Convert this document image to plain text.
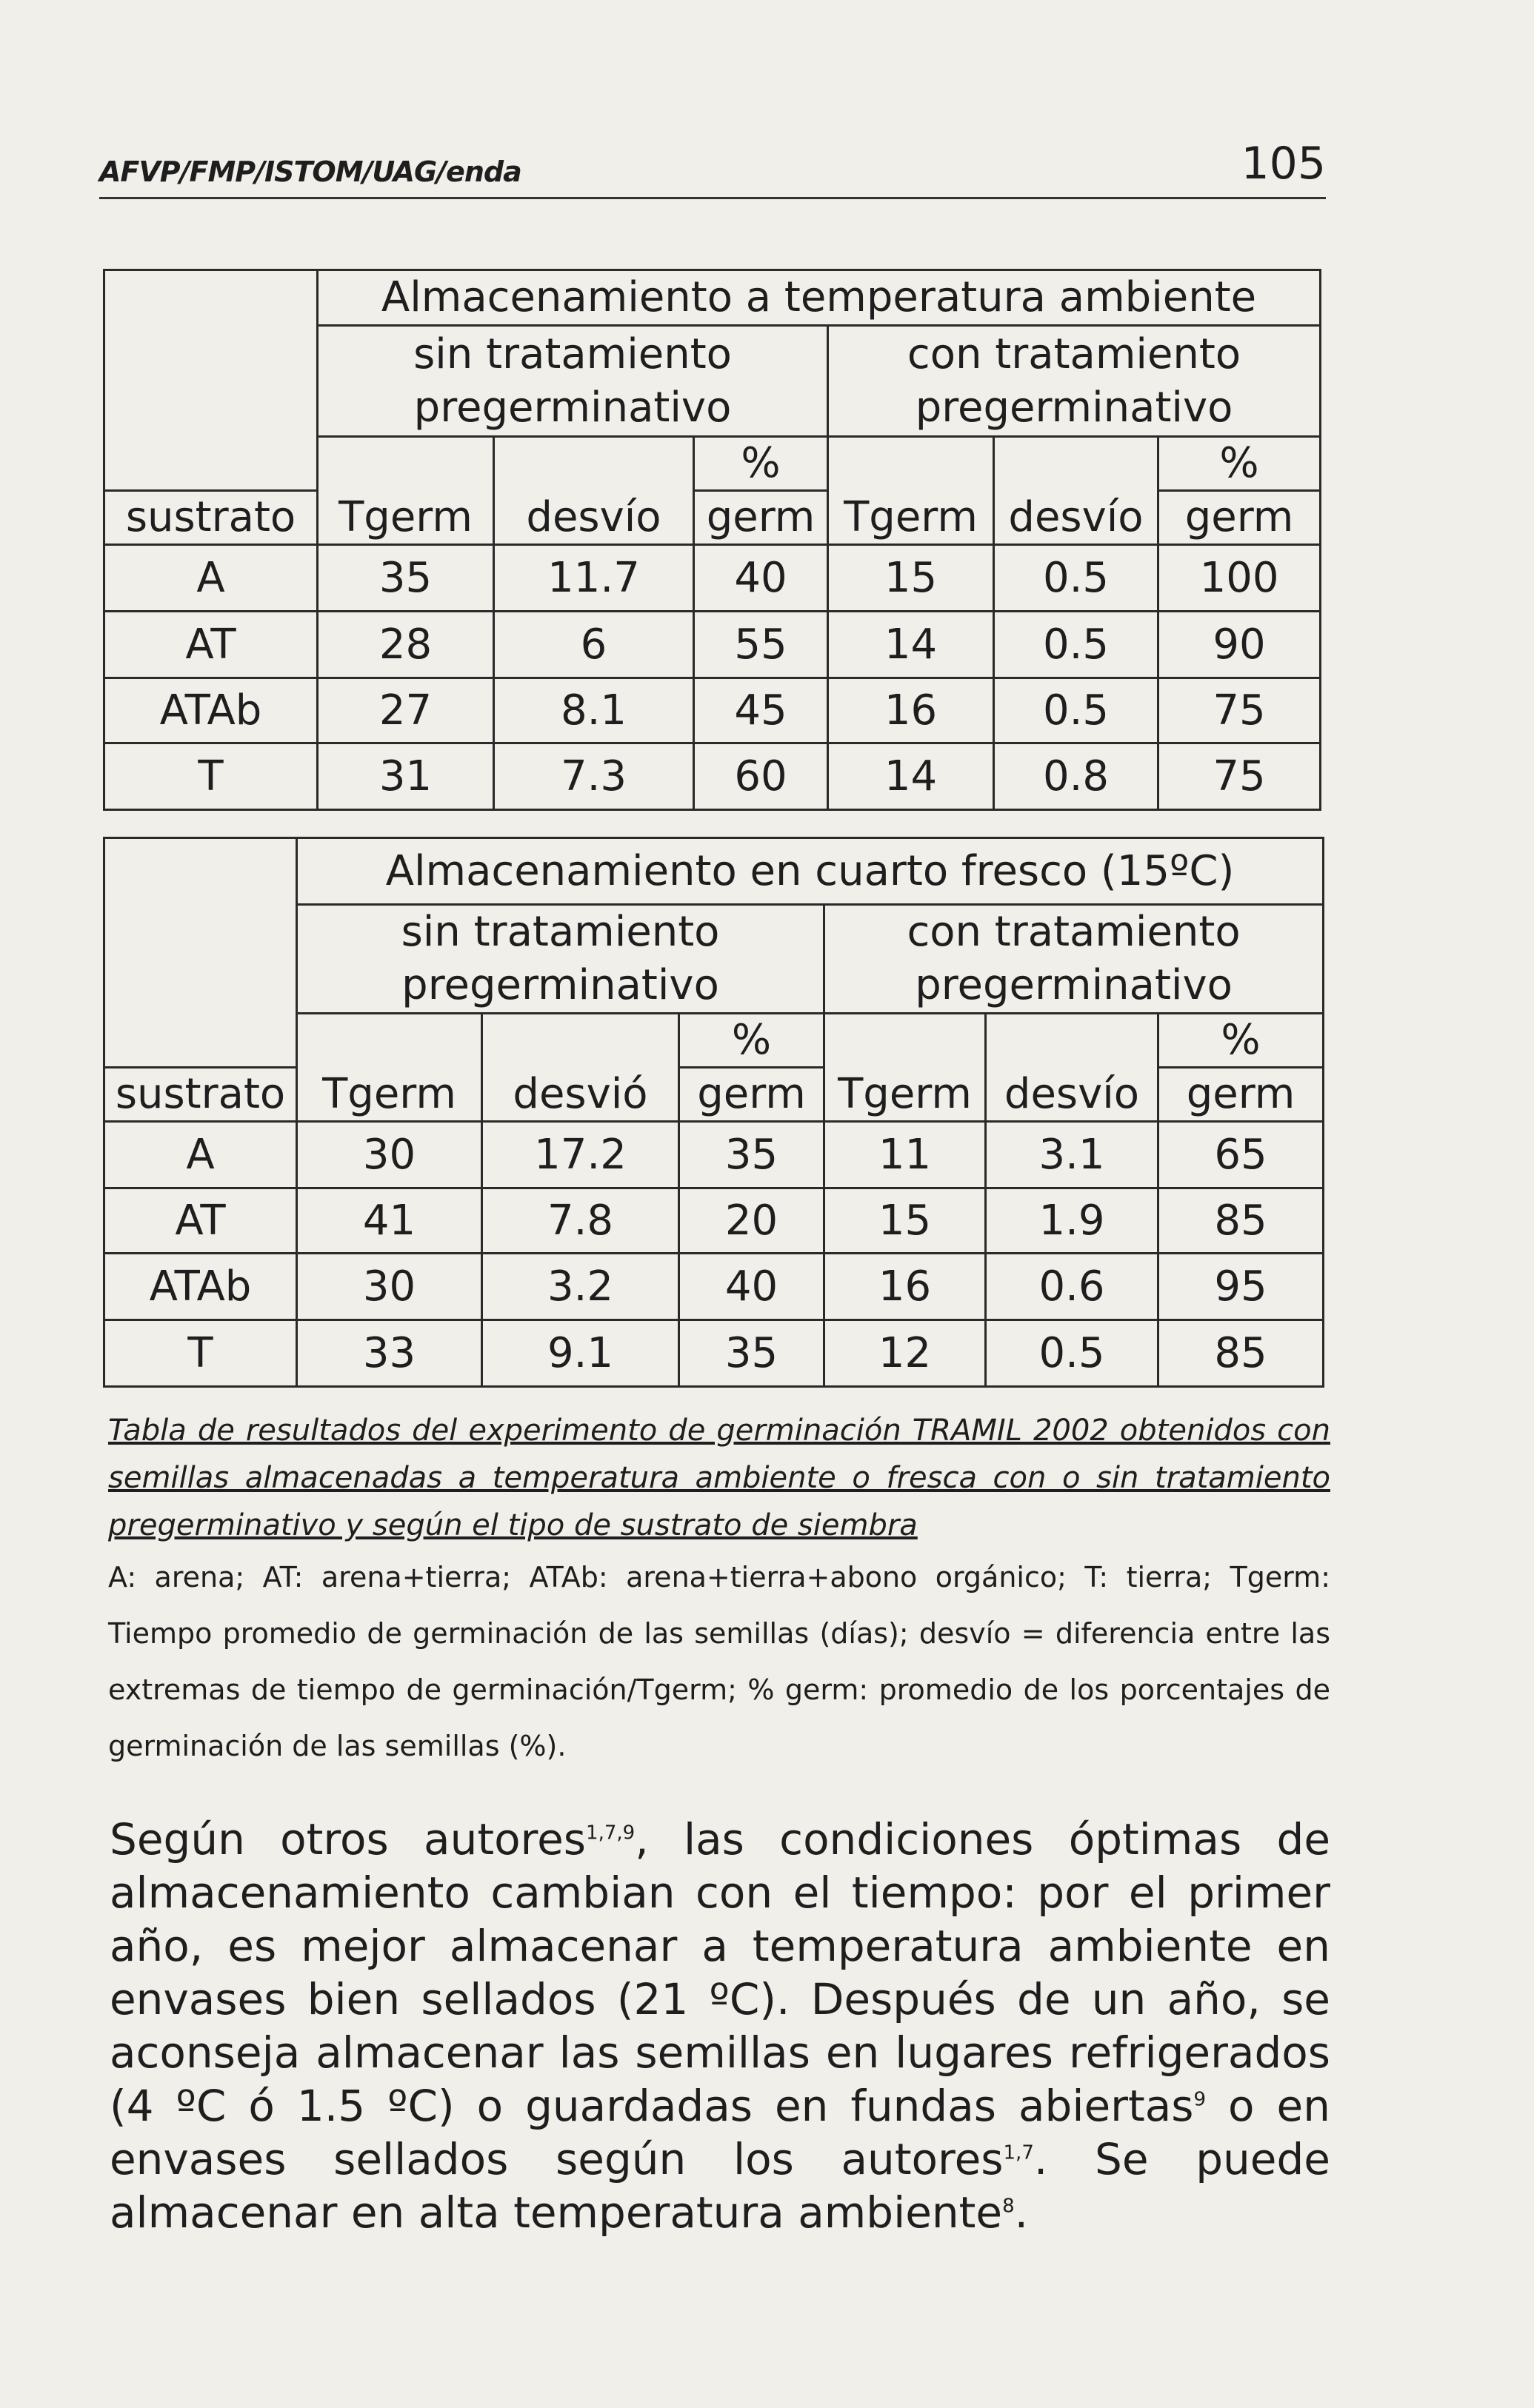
AFVP/FMP/ISTOM/UAG/enda	105
	Almacenamiento a temperatura ambiente					
	sin tratamiento pregerminativo			con tratamiento pregerminativo		
	Tgerm	desvío	%	Tgerm	desvío	%
sustrato			germ			germ
A	35	11.7	40	15	0.5	100
AT	28	6	55	14	0.5	90
ATAb	27	8.1	45	16	0.5	75
T	31	7.3	60	14	0.8	75
	Almacenamiento en cuarto fresco (15ºC)					
	sin tratamiento pregerminativo			con tratamiento pregerminativo		
	Tgerm	desvió	%	Tgerm	desvío	%
sustrato			germ			germ
A	30	17.2	35	11	3.1	65
AT	41	7.8	20	15	1.9	85
ATAb	30	3.2	40	16	0.6	95
T	33	9.1	35	12	0.5	85
Tabla de resultados del experimento de germinación TRAMIL 2002 obtenidos con semillas almacenadas a temperatura ambiente o fresca con o sin tratamiento pregerminativo y según el tipo de sustrato de siembra
A: arena; AT: arena+tierra; ATAb: arena+tierra+abono orgánico; T: tierra; Tgerm: Tiempo promedio de germinación de las semillas (días); desvío = diferencia entre las extremas de tiempo de germinación/Tgerm; % germ: promedio de los porcentajes de germinación de las semillas (%).
Según otros autores$^{1,7,9}$, las condiciones óptimas de almacenamiento cambian con el tiempo: por el primer año, es mejor almacenar a temperatura ambiente en envases bien sellados (21 ºC). Después de un año, se aconseja almacenar las semillas en lugares refrigerados (4 ºC ó 1.5 ºC) o guardadas en fundas abiertas$^9$ o en envases sellados según los autores$^{1,7}$. Se puede almacenar en alta temperatura ambiente$^8$.
